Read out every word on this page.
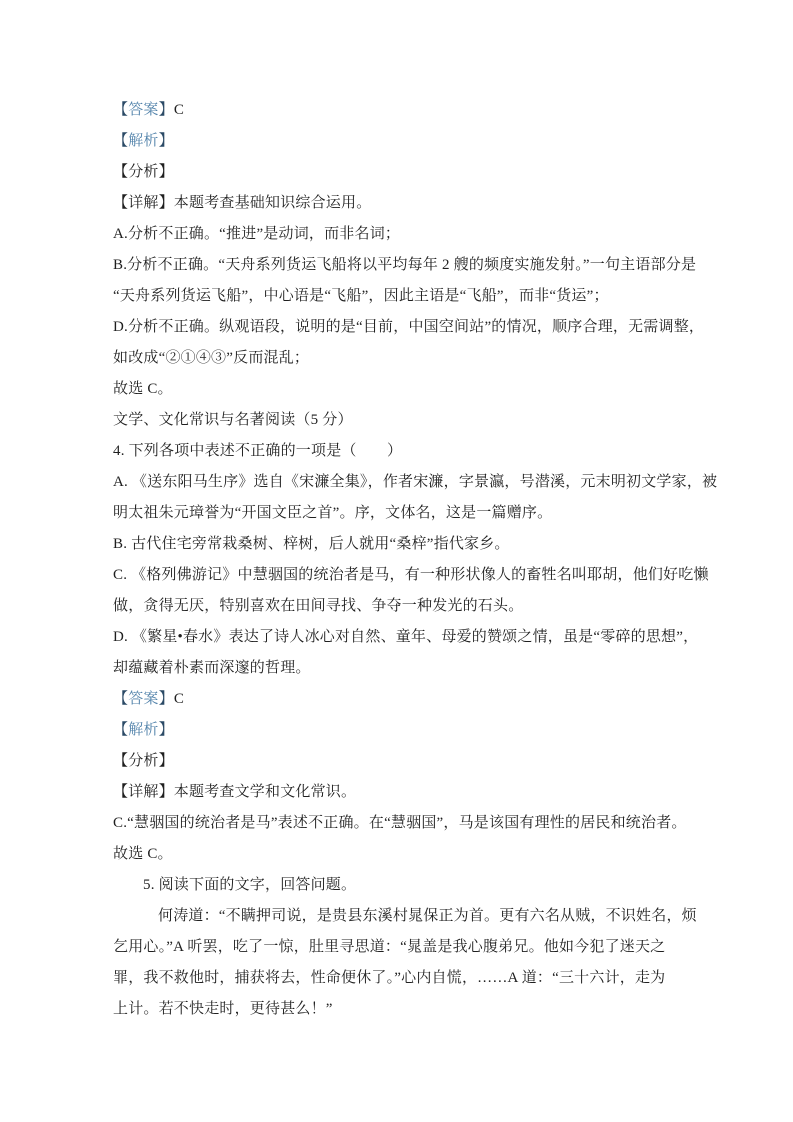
【答案】C
【解析】
【分析】
【详解】本题考查基础知识综合运用。
A.分析不正确。“推进”是动词，而非名词；
B.分析不正确。“天舟系列货运飞船将以平均每年 2 艘的频度实施发射。”一句主语部分是
“天舟系列货运飞船”，中心语是“飞船”，因此主语是“飞船”，而非“货运”；
D.分析不正确。纵观语段，说明的是“目前，中国空间站”的情况，顺序合理，无需调整，
如改成“②①④③”反而混乱；
故选 C。
文学、文化常识与名著阅读（5 分）
4. 下列各项中表述不正确的一项是（　　）
A. 《送东阳马生序》选自《宋濂全集》，作者宋濂，字景瀛，号潜溪，元末明初文学家，被
明太祖朱元璋誉为“开国文臣之首”。序，文体名，这是一篇赠序。
B. 古代住宅旁常栽桑树、梓树，后人就用“桑梓”指代家乡。
C. 《格列佛游记》中慧骃国的统治者是马，有一种形状像人的畜牲名叫耶胡，他们好吃懒
做，贪得无厌，特别喜欢在田间寻找、争夺一种发光的石头。
D. 《繁星•春水》表达了诗人冰心对自然、童年、母爱的赞颂之情，虽是“零碎的思想”，
却蕴藏着朴素而深邃的哲理。
【答案】C
【解析】
【分析】
【详解】本题考查文学和文化常识。
C.“慧骃国的统治者是马”表述不正确。在“慧骃国”，马是该国有理性的居民和统治者。
故选 C。
5. 阅读下面的文字，回答问题。
何涛道：“不瞒押司说，是贵县东溪村晁保正为首。更有六名从贼，不识姓名，烦
乞用心。”A 听罢，吃了一惊，肚里寻思道：“晁盖是我心腹弟兄。他如今犯了迷天之
罪，我不救他时，捕获将去，性命便休了。”心内自慌，……A 道：“三十六计，走为
上计。若不快走时，更待甚么！”
